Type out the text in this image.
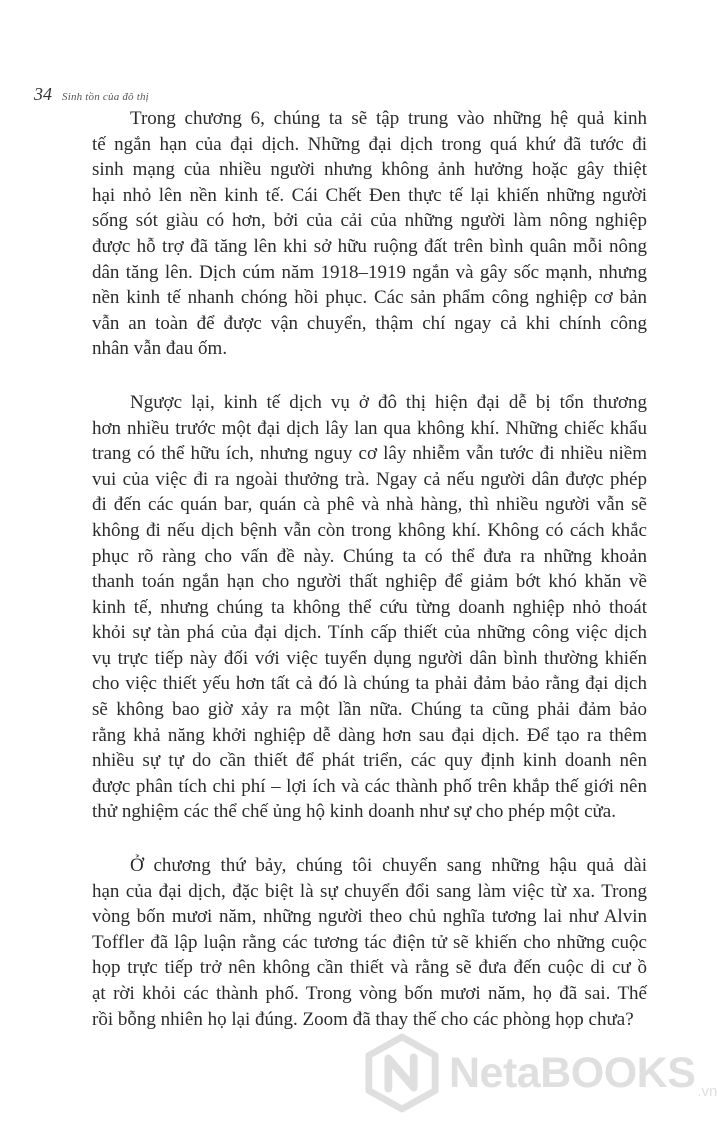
34 Sinh tồn của đô thị
Trong chương 6, chúng ta sẽ tập trung vào những hệ quả kinh
tế ngắn hạn của đại dịch. Những đại dịch trong quá khứ đã tước đi
sinh mạng của nhiều người nhưng không ảnh hưởng hoặc gây thiệt
hại nhỏ lên nền kinh tế. Cái Chết Đen thực tế lại khiến những người
sống sót giàu có hơn, bởi của cải của những người làm nông nghiệp
được hỗ trợ đã tăng lên khi sở hữu ruộng đất trên bình quân mỗi nông
dân tăng lên. Dịch cúm năm 1918–1919 ngắn và gây sốc mạnh, nhưng
nền kinh tế nhanh chóng hồi phục. Các sản phẩm công nghiệp cơ bản
vẫn an toàn để được vận chuyển, thậm chí ngay cả khi chính công
nhân vẫn đau ốm.
Ngược lại, kinh tế dịch vụ ở đô thị hiện đại dễ bị tổn thương
hơn nhiều trước một đại dịch lây lan qua không khí. Những chiếc khẩu
trang có thể hữu ích, nhưng nguy cơ lây nhiễm vẫn tước đi nhiều niềm
vui của việc đi ra ngoài thưởng trà. Ngay cả nếu người dân được phép
đi đến các quán bar, quán cà phê và nhà hàng, thì nhiều người vẫn sẽ
không đi nếu dịch bệnh vẫn còn trong không khí. Không có cách khắc
phục rõ ràng cho vấn đề này. Chúng ta có thể đưa ra những khoản
thanh toán ngắn hạn cho người thất nghiệp để giảm bớt khó khăn về
kinh tế, nhưng chúng ta không thể cứu từng doanh nghiệp nhỏ thoát
khỏi sự tàn phá của đại dịch. Tính cấp thiết của những công việc dịch
vụ trực tiếp này đối với việc tuyển dụng người dân bình thường khiến
cho việc thiết yếu hơn tất cả đó là chúng ta phải đảm bảo rằng đại dịch
sẽ không bao giờ xảy ra một lần nữa. Chúng ta cũng phải đảm bảo
rằng khả năng khởi nghiệp dễ dàng hơn sau đại dịch. Để tạo ra thêm
nhiều sự tự do cần thiết để phát triển, các quy định kinh doanh nên
được phân tích chi phí – lợi ích và các thành phố trên khắp thế giới nên
thử nghiệm các thể chế ủng hộ kinh doanh như sự cho phép một cửa.
Ở chương thứ bảy, chúng tôi chuyển sang những hậu quả dài
hạn của đại dịch, đặc biệt là sự chuyển đổi sang làm việc từ xa. Trong
vòng bốn mươi năm, những người theo chủ nghĩa tương lai như Alvin
Toffler đã lập luận rằng các tương tác điện tử sẽ khiến cho những cuộc
họp trực tiếp trở nên không cần thiết và rằng sẽ đưa đến cuộc di cư ồ
ạt rời khỏi các thành phố. Trong vòng bốn mươi năm, họ đã sai. Thế
rồi bỗng nhiên họ lại đúng. Zoom đã thay thế cho các phòng họp chưa?
NetaBOOKS .vn
